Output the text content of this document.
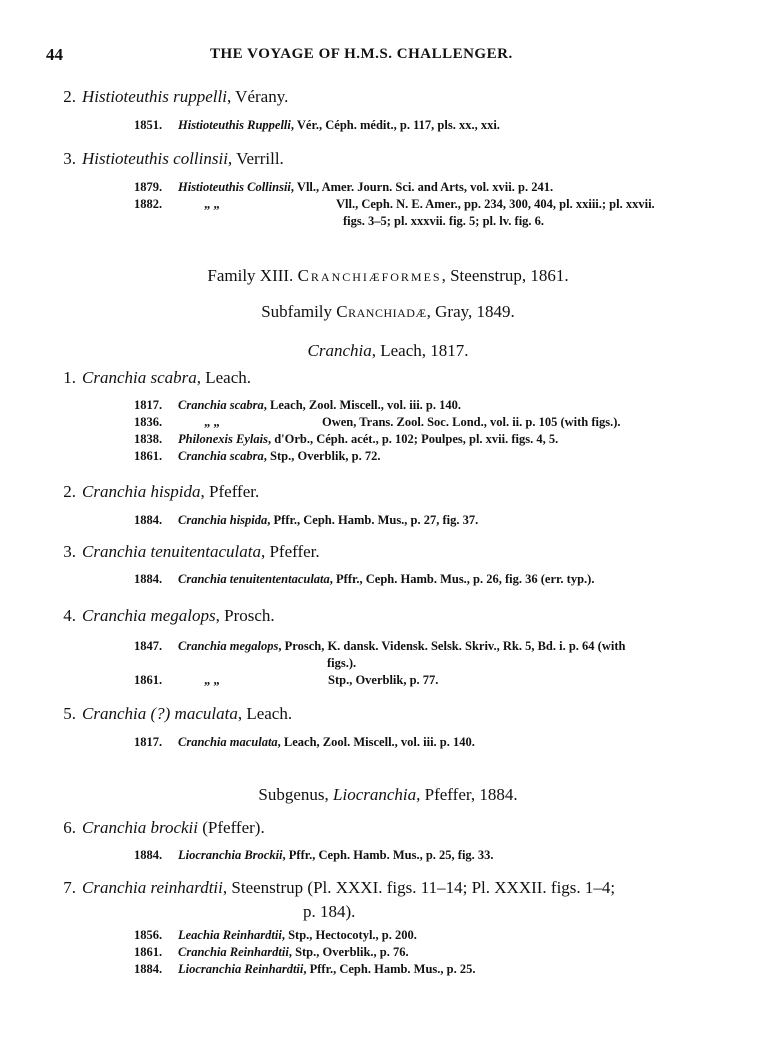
44	THE VOYAGE OF H.M.S. CHALLENGER.
2. Histioteuthis ruppelli, Vérany.
1851. Histioteuthis Ruppelli, Vér., Céph. médit., p. 117, pls. xx., xxi.
3. Histioteuthis collinsii, Verrill.
1879. Histioteuthis Collinsii, Vll., Amer. Journ. Sci. and Arts, vol. xvii. p. 241.
1882.	„ „	Vll., Ceph. N. E. Amer., pp. 234, 300, 404, pl. xxiii.; pl. xxvii.
figs. 3–5; pl. xxxvii. fig. 5; pl. lv. fig. 6.
Family XIII. Cranchiæformes, Steenstrup, 1861.
Subfamily Cranchiadæ, Gray, 1849.
Cranchia, Leach, 1817.
1. Cranchia scabra, Leach.
1817. Cranchia scabra, Leach, Zool. Miscell., vol. iii. p. 140.
1836.	„ „	Owen, Trans. Zool. Soc. Lond., vol. ii. p. 105 (with figs.).
1838. Philonexis Eylais, d'Orb., Céph. acét., p. 102; Poulpes, pl. xvii. figs. 4, 5.
1861. Cranchia scabra, Stp., Overblik, p. 72.
2. Cranchia hispida, Pfeffer.
1884. Cranchia hispida, Pffr., Ceph. Hamb. Mus., p. 27, fig. 37.
3. Cranchia tenuitentaculata, Pfeffer.
1884. Cranchia tenuitententaculata, Pffr., Ceph. Hamb. Mus., p. 26, fig. 36 (err. typ.).
4. Cranchia megalops, Prosch.
1847. Cranchia megalops, Prosch, K. dansk. Vidensk. Selsk. Skriv., Rk. 5, Bd. i. p. 64 (with
figs.).
1861.	„ „	Stp., Overblik, p. 77.
5. Cranchia (?) maculata, Leach.
1817. Cranchia maculata, Leach, Zool. Miscell., vol. iii. p. 140.
Subgenus, Liocranchia, Pfeffer, 1884.
6. Cranchia brockii (Pfeffer).
1884. Liocranchia Brockii, Pffr., Ceph. Hamb. Mus., p. 25, fig. 33.
7. Cranchia reinhardtii, Steenstrup (Pl. XXXI. figs. 11–14; Pl. XXXII. figs. 1–4;
p. 184).
1856. Leachia Reinhardtii, Stp., Hectocotyl., p. 200.
1861. Cranchia Reinhardtii, Stp., Overblik., p. 76.
1884. Liocranchia Reinhardtii, Pffr., Ceph. Hamb. Mus., p. 25.
